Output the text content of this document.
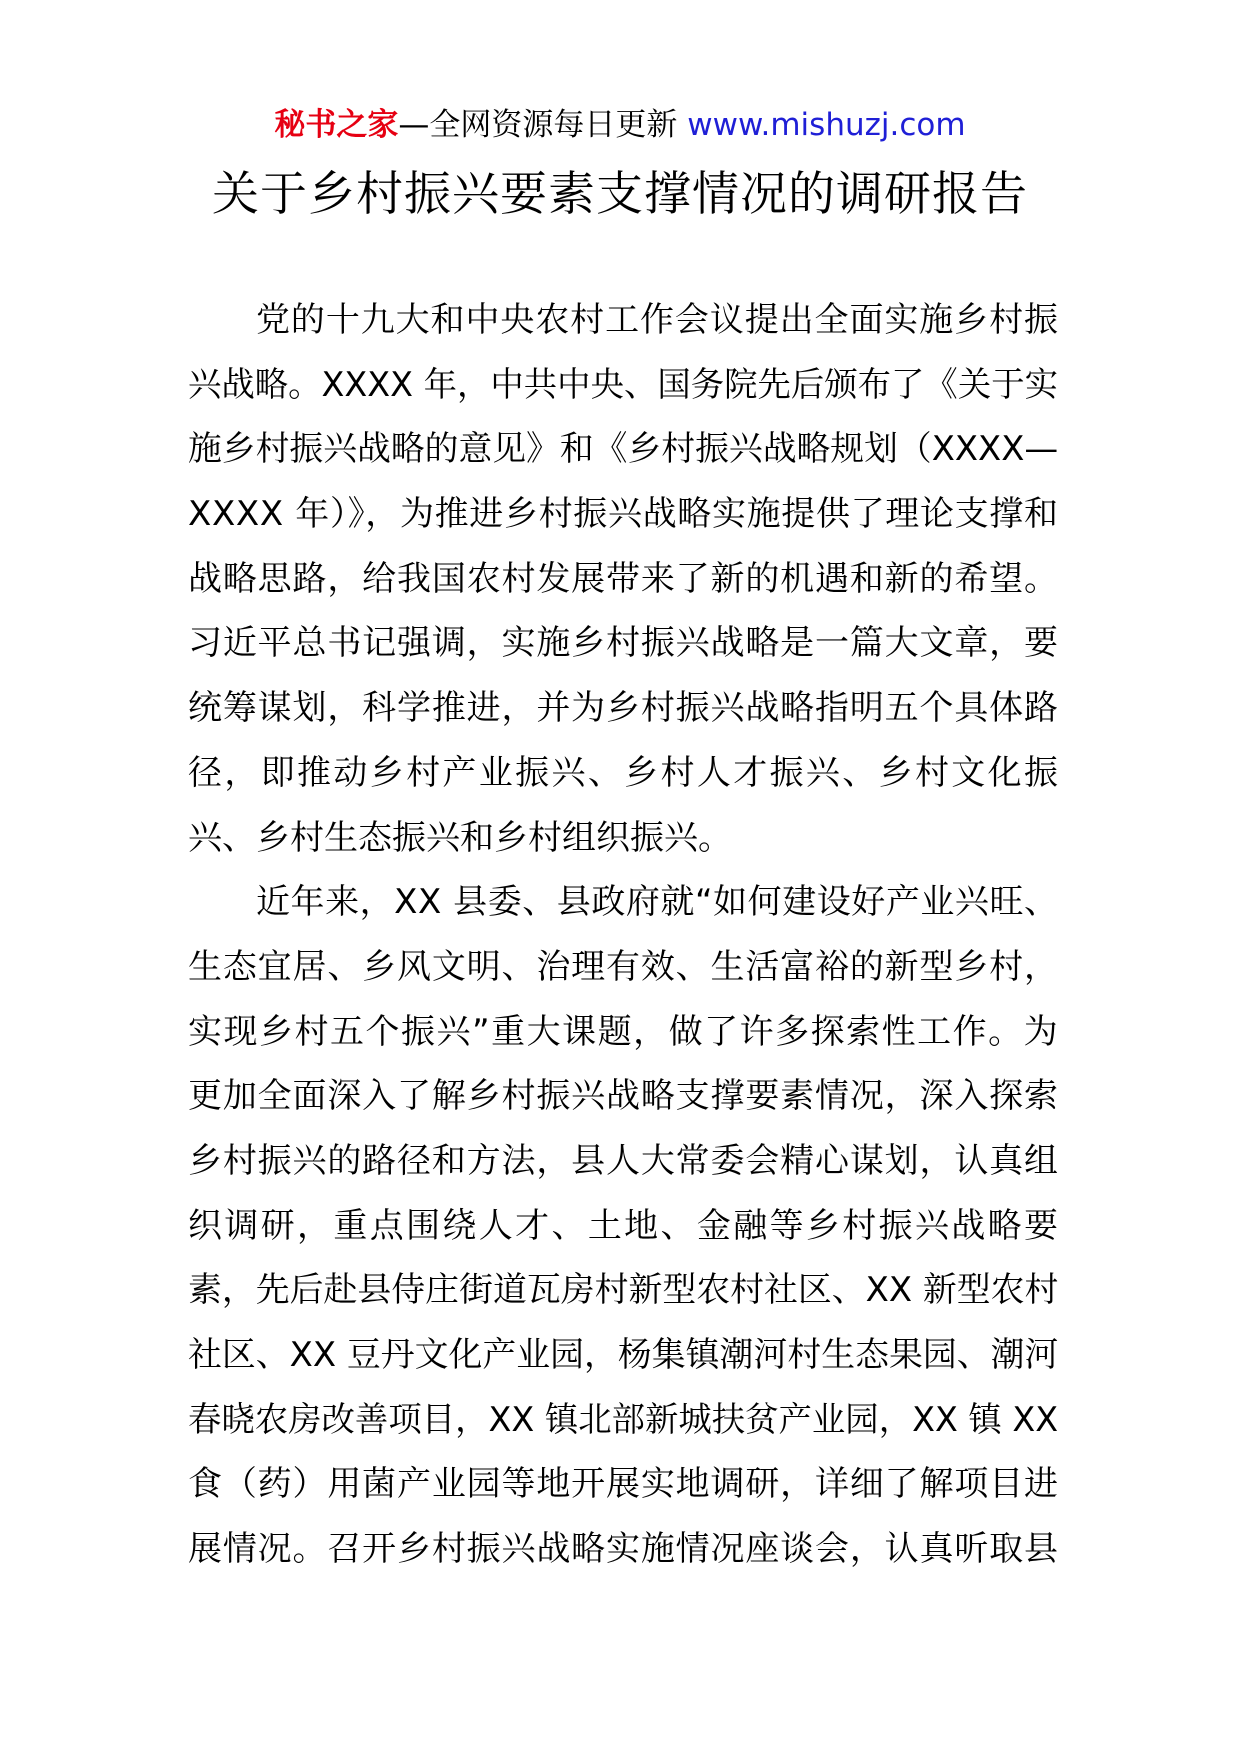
秘书之家—全网资源每日更新 www.mishuzj.com
关于乡村振兴要素支撑情况的调研报告
党的十九大和中央农村工作会议提出全面实施乡村振
兴战略。XXXX 年，中共中央、国务院先后颁布了《关于实
施乡村振兴战略的意见》和《乡村振兴战略规划（XXXX—
XXXX 年）》，为推进乡村振兴战略实施提供了理论支撑和
战略思路，给我国农村发展带来了新的机遇和新的希望。
习近平总书记强调，实施乡村振兴战略是一篇大文章，要
统筹谋划，科学推进，并为乡村振兴战略指明五个具体路
径，即推动乡村产业振兴、乡村人才振兴、乡村文化振
兴、乡村生态振兴和乡村组织振兴。
近年来，XX 县委、县政府就“如何建设好产业兴旺、
生态宜居、乡风文明、治理有效、生活富裕的新型乡村，
实现乡村五个振兴”重大课题，做了许多探索性工作。为
更加全面深入了解乡村振兴战略支撑要素情况，深入探索
乡村振兴的路径和方法，县人大常委会精心谋划，认真组
织调研，重点围绕人才、土地、金融等乡村振兴战略要
素，先后赴县侍庄街道瓦房村新型农村社区、XX 新型农村
社区、XX 豆丹文化产业园，杨集镇潮河村生态果园、潮河
春晓农房改善项目，XX 镇北部新城扶贫产业园，XX 镇 XX
食（药）用菌产业园等地开展实地调研，详细了解项目进
展情况。召开乡村振兴战略实施情况座谈会，认真听取县
